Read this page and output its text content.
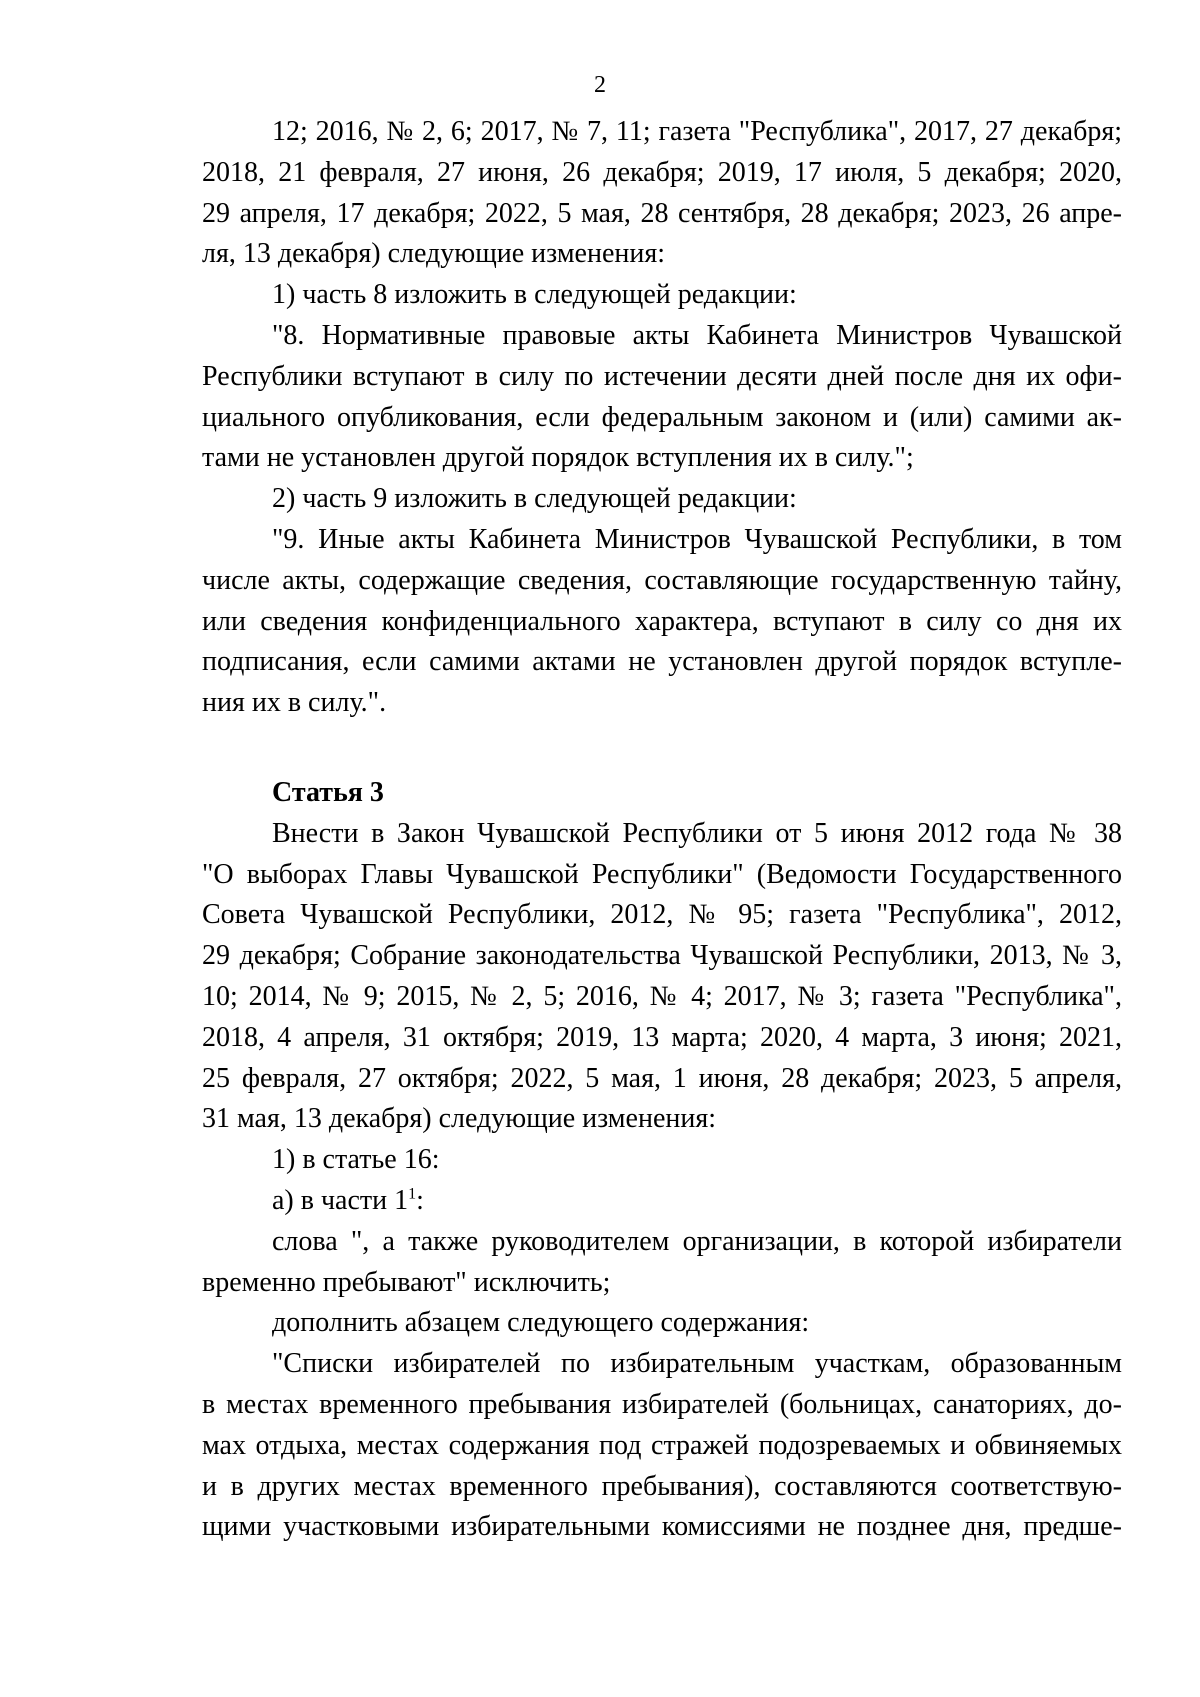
2
12; 2016, № 2, 6; 2017, № 7, 11; газета "Республика", 2017, 27 декабря;
2018, 21 февраля, 27 июня, 26 декабря; 2019, 17 июля, 5 декабря; 2020,
29 апреля, 17 декабря; 2022, 5 мая, 28 сентября, 28 декабря; 2023, 26 апре-
ля, 13 декабря) следующие изменения:
1) часть 8 изложить в следующей редакции:
"8. Нормативные правовые акты Кабинета Министров Чувашской
Республики вступают в силу по истечении десяти дней после дня их офи-
циального опубликования, если федеральным законом и (или) самими ак-
тами не установлен другой порядок вступления их в силу.";
2) часть 9 изложить в следующей редакции:
"9. Иные акты Кабинета Министров Чувашской Республики, в том
числе акты, содержащие сведения, составляющие государственную тайну,
или сведения конфиденциального характера, вступают в силу со дня их
подписания, если самими актами не установлен другой порядок вступле-
ния их в силу.".
Статья 3
Внести в Закон Чувашской Республики от 5 июня 2012 года № 38
"О выборах Главы Чувашской Республики" (Ведомости Государственного
Совета Чувашской Республики, 2012, № 95; газета "Республика", 2012,
29 декабря; Собрание законодательства Чувашской Республики, 2013, № 3,
10; 2014, № 9; 2015, № 2, 5; 2016, № 4; 2017, № 3; газета "Республика",
2018, 4 апреля, 31 октября; 2019, 13 марта; 2020, 4 марта, 3 июня; 2021,
25 февраля, 27 октября; 2022, 5 мая, 1 июня, 28 декабря; 2023, 5 апреля,
31 мая, 13 декабря) следующие изменения:
1) в статье 16:
а) в части $1^1$:
слова ", а также руководителем организации, в которой избиратели
временно пребывают" исключить;
дополнить абзацем следующего содержания:
"Списки избирателей по избирательным участкам, образованным
в местах временного пребывания избирателей (больницах, санаториях, до-
мах отдыха, местах содержания под стражей подозреваемых и обвиняемых
и в других местах временного пребывания), составляются соответствую-
щими участковыми избирательными комиссиями не позднее дня, предше-
